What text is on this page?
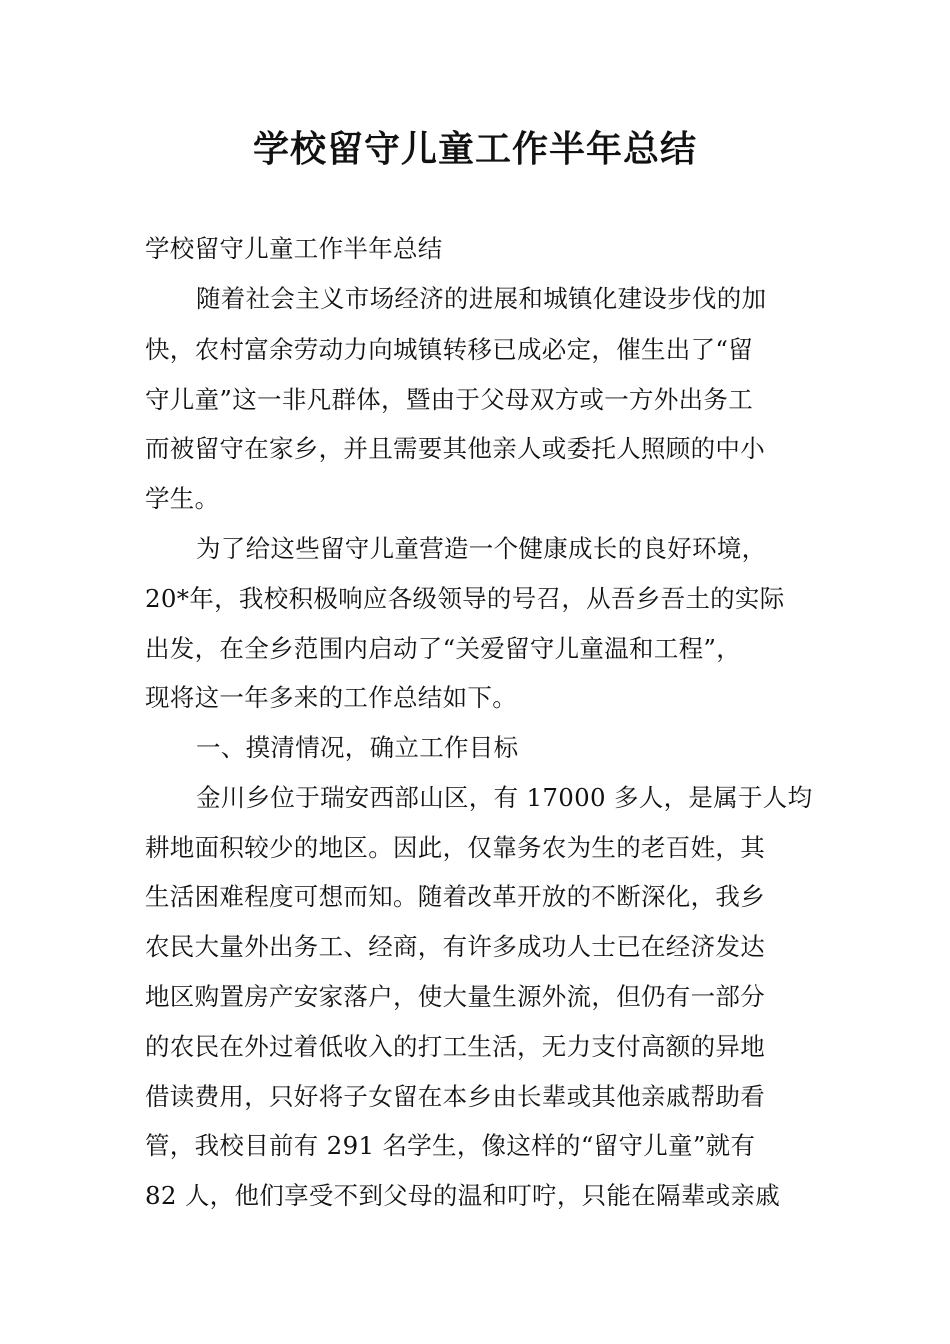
学校留守儿童工作半年总结
学校留守儿童工作半年总结
随着社会主义市场经济的进展和城镇化建设步伐的加
快，农村富余劳动力向城镇转移已成必定，催生出了“留
守儿童”这一非凡群体，暨由于父母双方或一方外出务工
而被留守在家乡，并且需要其他亲人或委托人照顾的中小
学生。
为了给这些留守儿童营造一个健康成长的良好环境，
20*年，我校积极响应各级领导的号召，从吾乡吾土的实际
出发，在全乡范围内启动了“关爱留守儿童温和工程”，
现将这一年多来的工作总结如下。
一、摸清情况，确立工作目标
金川乡位于瑞安西部山区，有 17000 多人，是属于人均
耕地面积较少的地区。因此，仅靠务农为生的老百姓，其
生活困难程度可想而知。随着改革开放的不断深化，我乡
农民大量外出务工、经商，有许多成功人士已在经济发达
地区购置房产安家落户，使大量生源外流，但仍有一部分
的农民在外过着低收入的打工生活，无力支付高额的异地
借读费用，只好将子女留在本乡由长辈或其他亲戚帮助看
管，我校目前有 291 名学生，像这样的“留守儿童”就有
82 人，他们享受不到父母的温和叮咛，只能在隔辈或亲戚
